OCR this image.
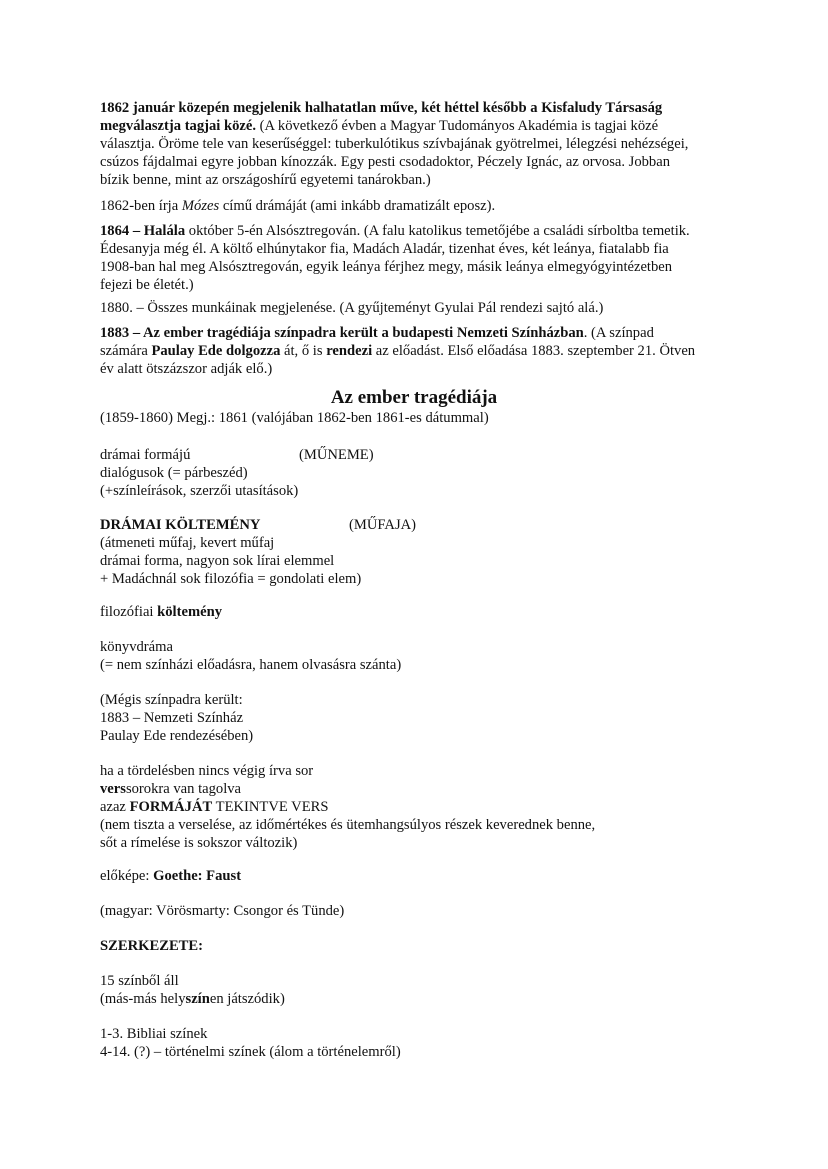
1862 január közepén megjelenik halhatatlan műve, két héttel később a Kisfaludy Társaság
megválasztja tagjai közé. (A következő évben a Magyar Tudományos Akadémia is tagjai közé
választja. Öröme tele van keserűséggel: tuberkulótikus szívbajának gyötrelmei, lélegzési nehézségei,
csúzos fájdalmai egyre jobban kínozzák. Egy pesti csodadoktor, Péczely Ignác, az orvosa. Jobban
bízik benne, mint az országoshírű egyetemi tanárokban.)
1862-ben írja Mózes című drámáját (ami inkább dramatizált eposz).
1864 – Halála október 5-én Alsósztregován. (A falu katolikus temetőjébe a családi sírboltba temetik.
Édesanyja még él. A költő elhúnytakor fia, Madách Aladár, tizenhat éves, két leánya, fiatalabb fia
1908-ban hal meg Alsósztregován, egyik leánya férjhez megy, másik leánya elmegyógyintézetben
fejezi be életét.)
1880. – Összes munkáinak megjelenése. (A gyűjteményt Gyulai Pál rendezi sajtó alá.)
1883 – Az ember tragédiája színpadra került a budapesti Nemzeti Színházban. (A színpad
számára Paulay Ede dolgozza át, ő is rendezi az előadást. Első előadása 1883. szeptember 21. Ötven
év alatt ötszázszor adják elő.)
Az ember tragédiája
(1859-1860) Megj.: 1861 (valójában 1862-ben 1861-es dátummal)
drámai formájú
dialógusok (= párbeszéd)
(+színleírások, szerzői utasítások)
(MŰNEME)
DRÁMAI KÖLTEMÉNY
(átmeneti műfaj, kevert műfaj
drámai forma, nagyon sok lírai elemmel
+ Madáchnál sok filozófia = gondolati elem)
(MŰFAJA)
filozófiai költemény
könyvdráma
(= nem színházi előadásra, hanem olvasásra szánta)
(Mégis színpadra került:
1883 – Nemzeti Színház
Paulay Ede rendezésében)
ha a tördelésben nincs végig írva sor
verssorokra van tagolva
azaz FORMÁJÁT TEKINTVE VERS
(nem tiszta a verselése, az időmértékes és ütemhangsúlyos részek keverednek benne,
sőt a rímelése is sokszor változik)
előképe: Goethe: Faust
(magyar: Vörösmarty: Csongor és Tünde)
SZERKEZETE:
15 színből áll
(más-más helyszínen játszódik)
1-3. Bibliai színek
4-14. (?) – történelmi színek (álom a történelemről)
